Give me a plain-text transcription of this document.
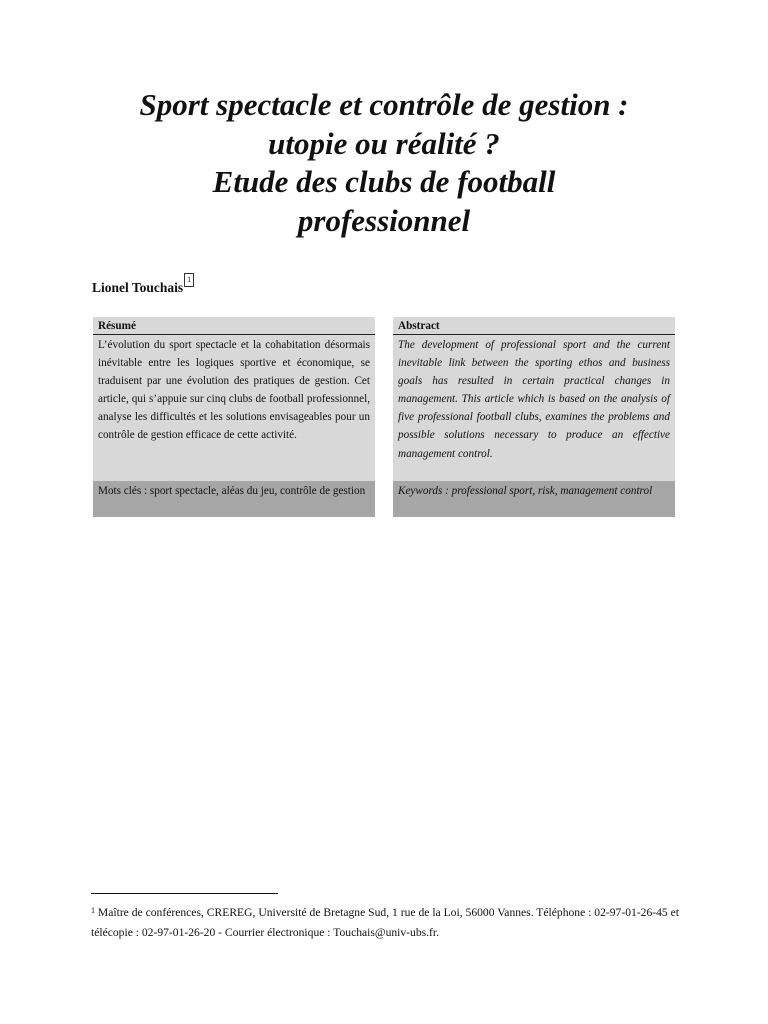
Sport spectacle et contrôle de gestion :
utopie ou réalité ?
Etude des clubs de football
professionnel
Lionel Touchais1
Résumé
L’évolution du sport spectacle et la cohabitation désormais inévitable entre les logiques sportive et économique, se traduisent par une évolution des pratiques de gestion. Cet article, qui s’appuie sur cinq clubs de football professionnel, analyse les difficultés et les solutions envisageables pour un contrôle de gestion efficace de cette activité.
Mots clés : sport spectacle, aléas du jeu, contrôle de gestion
Abstract
The development of professional sport and the current inevitable link between the sporting ethos and business goals has resulted in certain practical changes in management. This article which is based on the analysis of five professional football clubs, examines the problems and possible solutions necessary to produce an effective management control.
Keywords : professional sport, risk, management control
$^1$ Maître de conférences, CREREG, Université de Bretagne Sud, 1 rue de la Loi, 56000 Vannes. Téléphone : 02-97-01-26-45 et télécopie : 02-97-01-26-20 - Courrier électronique : Touchais@univ-ubs.fr.
